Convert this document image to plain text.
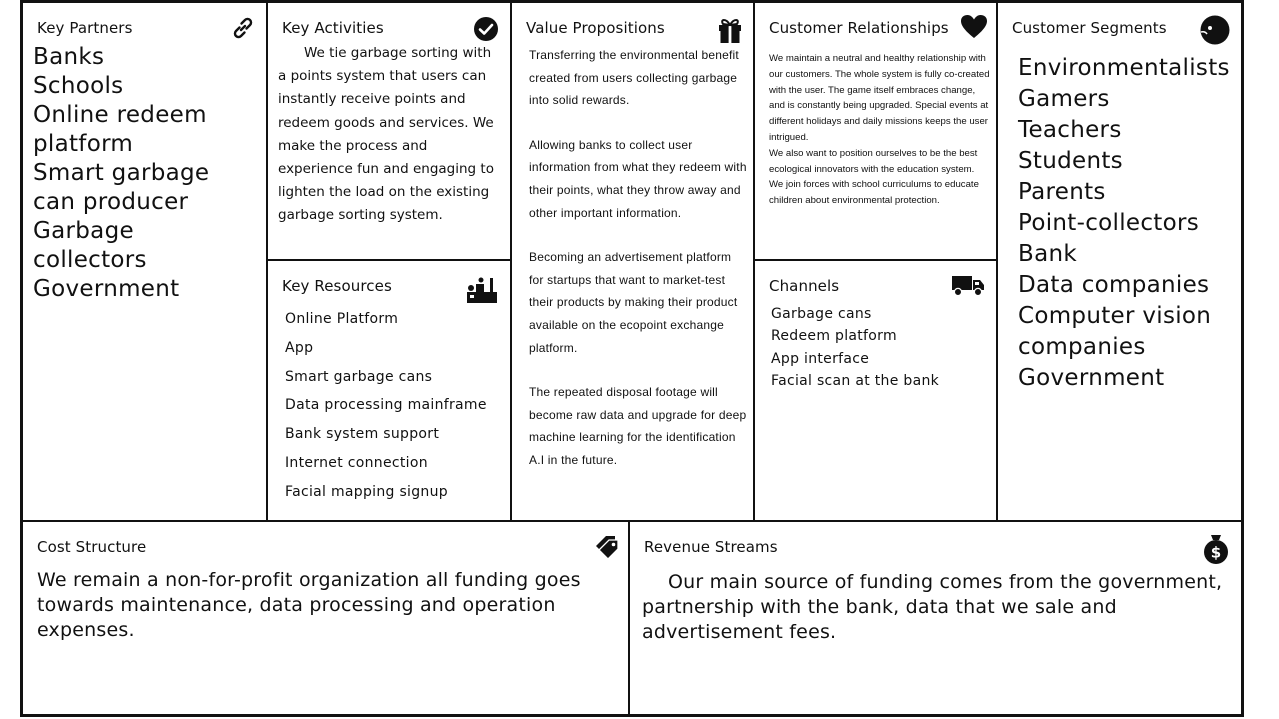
Key Partners
Banks
Schools
Online redeem
platform
Smart garbage
can producer
Garbage
collectors
Government
Key Activities
We tie garbage sorting with a points system that users can instantly receive points and redeem goods and services. We make the process and experience fun and engaging to lighten the load on the existing garbage sorting system.
Key Resources
Online Platform
App
Smart garbage cans
Data processing mainframe
Bank system support
Internet connection
Facial mapping signup
Value Propositions

Transferring the environmental benefit created from users collecting garbage into solid rewards.

Allowing banks to collect user information from what they redeem with their points, what they throw away and other important information.

Becoming an advertisement platform for startups that want to market-test their products by making their product available on the ecopoint exchange platform.

The repeated disposal footage will become raw data and upgrade for deep machine learning for the identification A.I in the future.

Customer Relationships
We maintain a neutral and healthy relationship with our customers. The whole system is fully co-created with the user. The game itself embraces change, and is constantly being upgraded. Special events at different holidays and daily missions keeps the user intrigued.
We also want to position ourselves to be the best ecological innovators with the education system. We join forces with school curriculums to educate children about environmental protection.
Channels
Garbage cans
Redeem platform
App interface
Facial scan at the bank
Customer Segments
Environmentalists
Gamers
Teachers
Students
Parents
Point-collectors
Bank
Data companies
Computer vision
companies
Government
Cost Structure
We remain a non-for-profit organization all funding goes towards maintenance, data processing and operation expenses.
Revenue Streams	$
Our main source of funding comes from the government, partnership with the bank, data that we sale and advertisement fees.
